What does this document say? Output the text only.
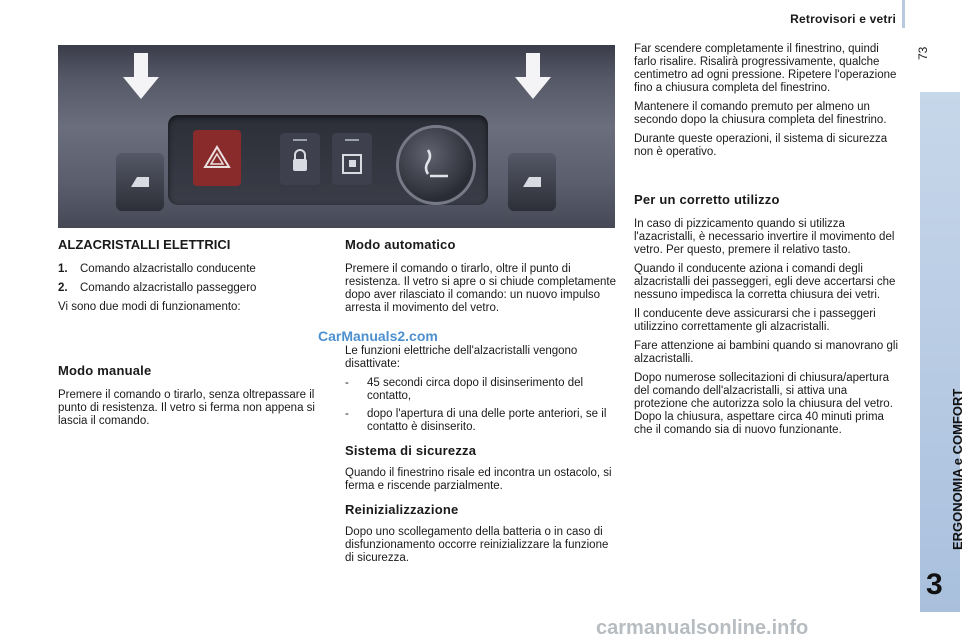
Retrovisori e vetri
73
ERGONOMIA e COMFORT
3
ALZACRISTALLI ELETTRICI
1.	Comando alzacristallo conducente
2.	Comando alzacristallo passeggero

Vi sono due modi di funzionamento:

Modo manuale

Premere il comando o tirarlo, senza oltrepassare il punto di resistenza. Il vetro si ferma non appena si lascia il comando.

Modo automatico

Premere il comando o tirarlo, oltre il punto di resistenza. Il vetro si apre o si chiude completamente dopo aver rilasciato il comando: un nuovo impulso arresta il movimento del vetro.

Le funzioni elettriche dell'alzacristalli vengono disattivate:

-	45 secondi circa dopo il disinserimento del contatto,
-	dopo l'apertura di una delle porte anteriori, se il contatto è disinserito.
Sistema di sicurezza

Quando il finestrino risale ed incontra un ostacolo, si ferma e riscende parzialmente.

Reinizializzazione

Dopo uno scollegamento della batteria o in caso di disfunzionamento occorre reinizializzare la funzione di sicurezza.

Far scendere completamente il finestrino, quindi farlo risalire. Risalirà progressivamente, qualche centimetro ad ogni pressione. Ripetere l'operazione fino a chiusura completa del finestrino.

Mantenere il comando premuto per almeno un secondo dopo la chiusura completa del finestrino.

Durante queste operazioni, il sistema di sicurezza non è operativo.

Per un corretto utilizzo

In caso di pizzicamento quando si utilizza l'azacristalli, è necessario invertire il movimento del vetro. Per questo, premere il relativo tasto.

Quando il conducente aziona i comandi degli alzacristalli dei passeggeri, egli deve accertarsi che nessuno impedisca la corretta chiusura dei vetri.

Il conducente deve assicurarsi che i passeggeri utilizzino correttamente gli alzacristalli.

Fare attenzione ai bambini quando si manovrano gli alzacristalli.

Dopo numerose sollecitazioni di chiusura/apertura del comando dell'alzacristalli, si attiva una protezione che autorizza solo la chiusura del vetro. Dopo la chiusura, aspettare circa 40 minuti prima che il comando sia di nuovo funzionante.

CarManuals2.com
carmanualsonline.info
